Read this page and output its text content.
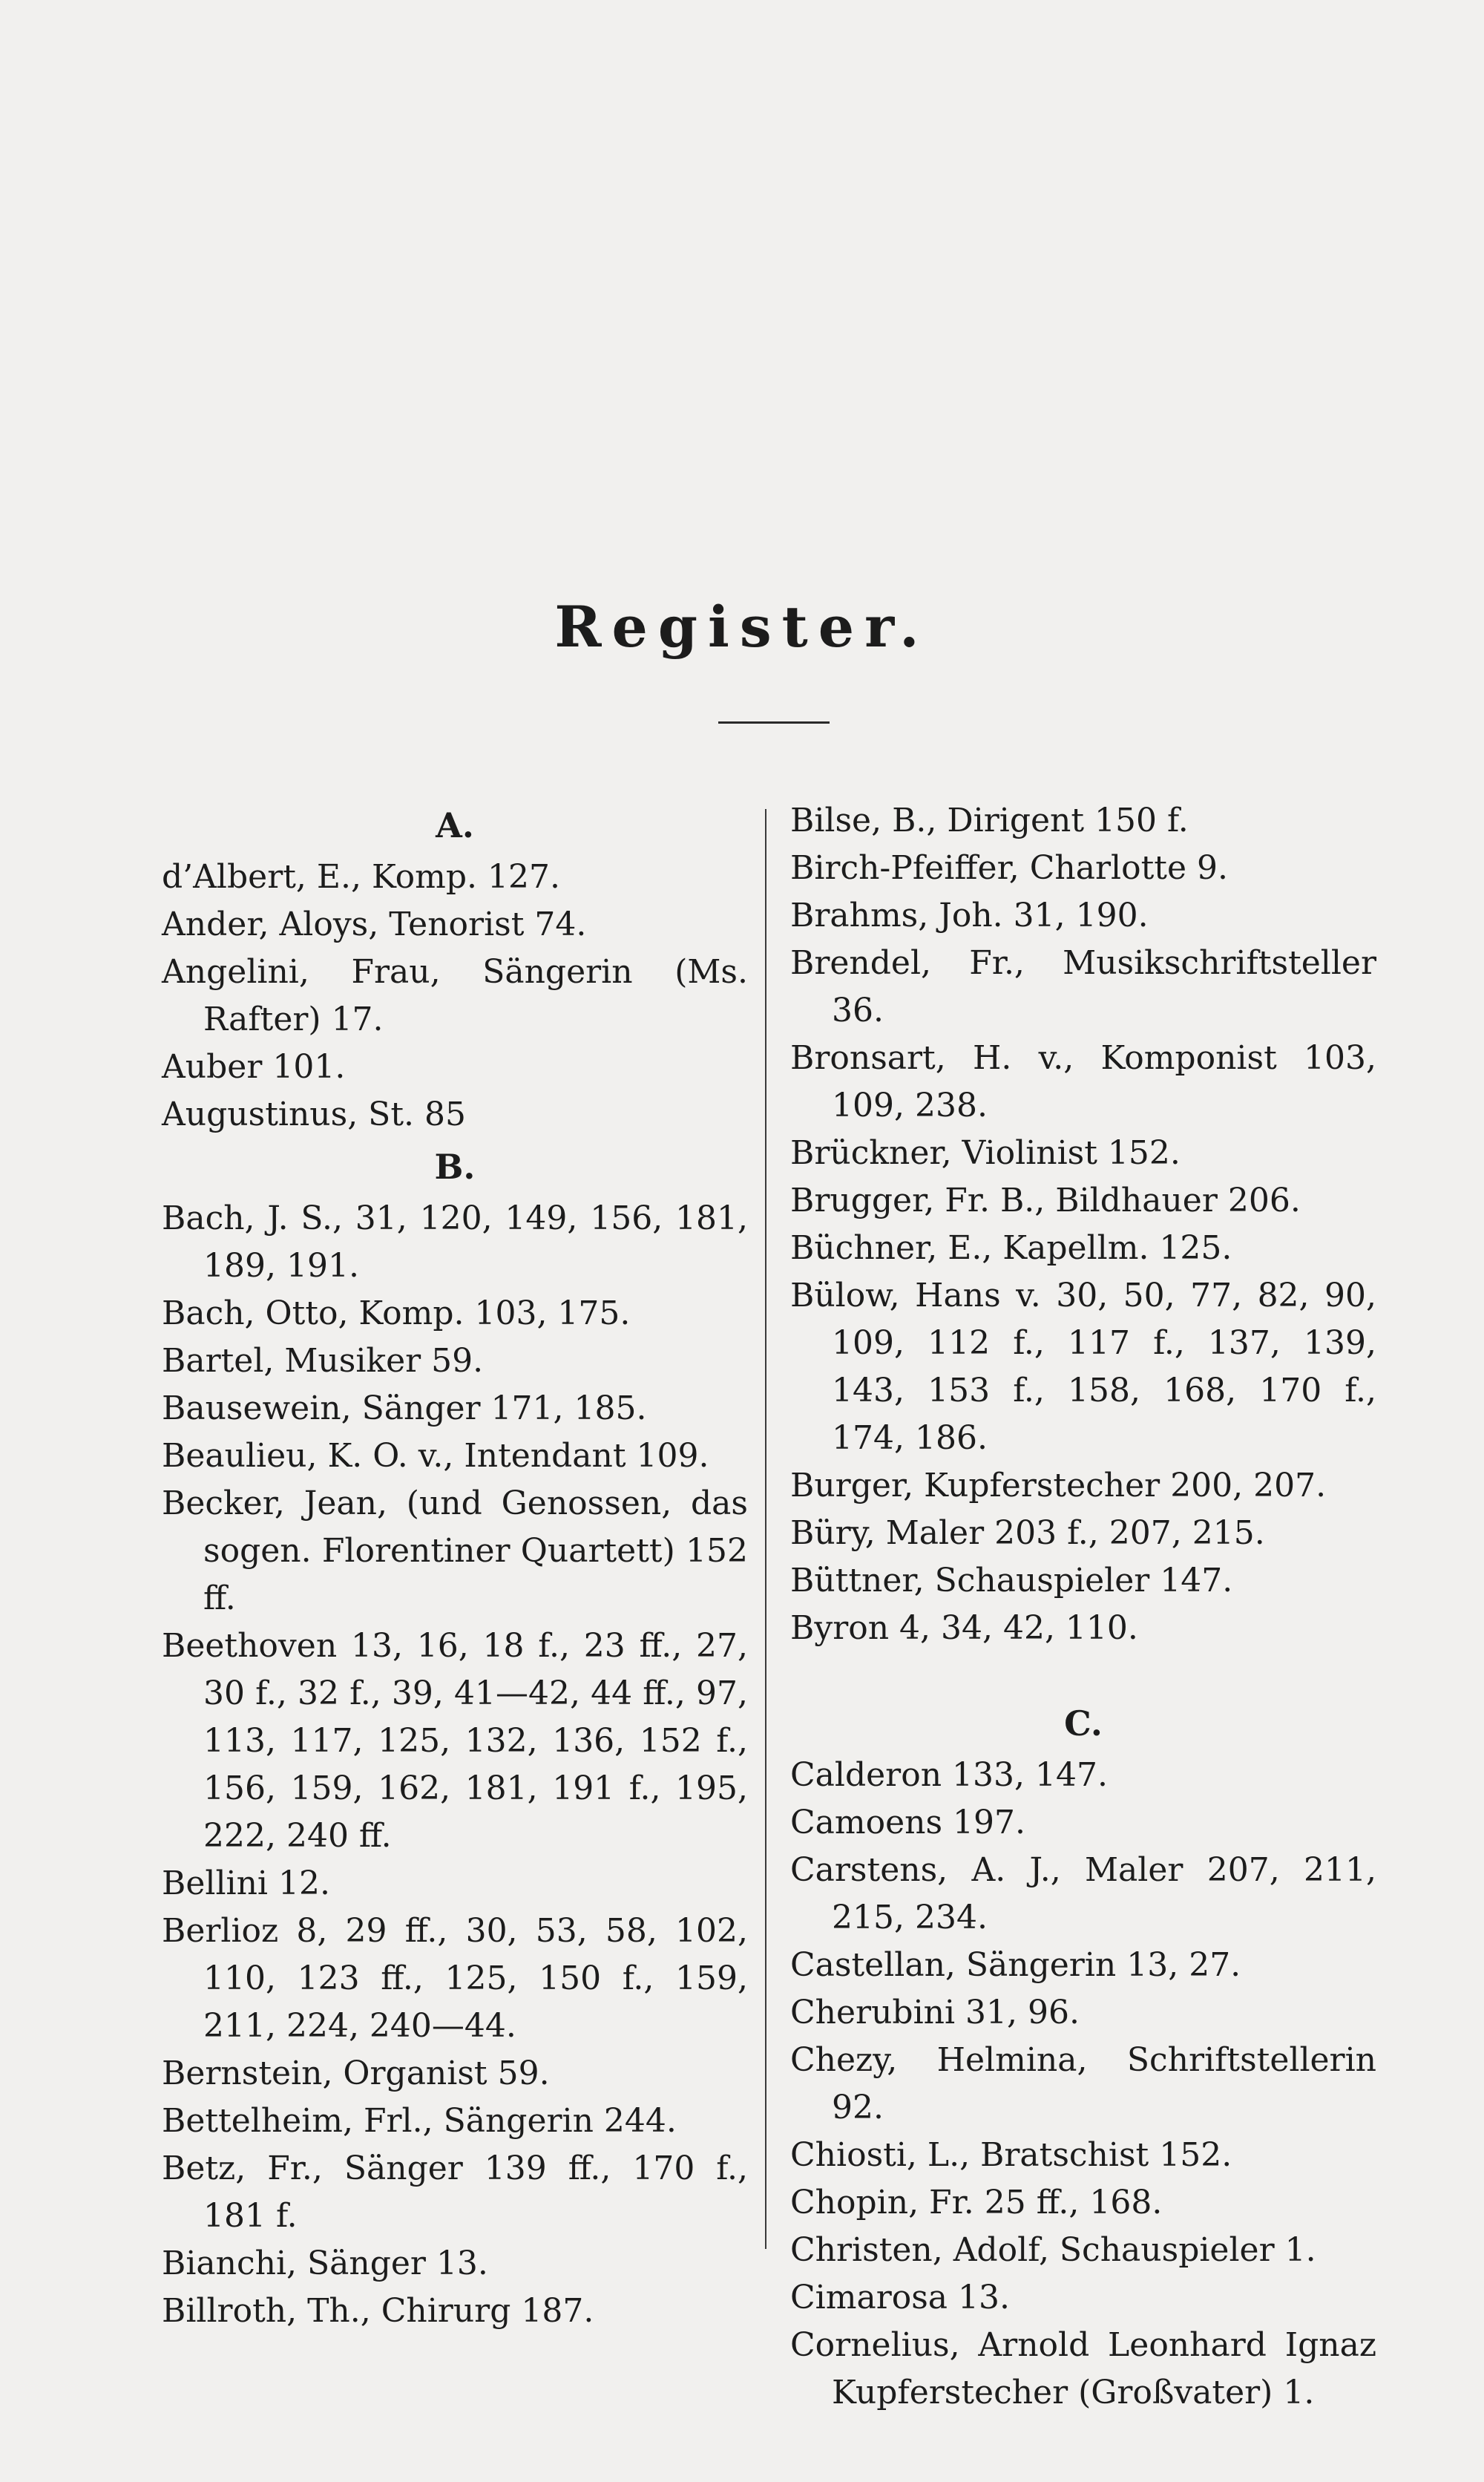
Register.
A.
d’Albert, E., Komp. 127.
Ander, Aloys, Tenorist 74.
Angelini, Frau, Sängerin (Ms. Rafter) 17.
Auber 101.
Augustinus, St. 85
B.
Bach, J. S., 31, 120, 149, 156, 181, 189, 191.
Bach, Otto, Komp. 103, 175.
Bartel, Musiker 59.
Bausewein, Sänger 171, 185.
Beaulieu, K. O. v., Intendant 109.
Becker, Jean, (und Genossen, das sogen. Florentiner Quartett) 152 ff.
Beethoven 13, 16, 18 f., 23 ff., 27, 30 f., 32 f., 39, 41—42, 44 ff., 97, 113, 117, 125, 132, 136, 152 f., 156, 159, 162, 181, 191 f., 195, 222, 240 ff.
Bellini 12.
Berlioz 8, 29 ff., 30, 53, 58, 102, 110, 123 ff., 125, 150 f., 159, 211, 224, 240—44.
Bernstein, Organist 59.
Bettelheim, Frl., Sängerin 244.
Betz, Fr., Sänger 139 ff., 170 f., 181 f.
Bianchi, Sänger 13.
Billroth, Th., Chirurg 187.
Bilse, B., Dirigent 150 f.
Birch-Pfeiffer, Charlotte 9.
Brahms, Joh. 31, 190.
Brendel, Fr., Musikschriftsteller 36.
Bronsart, H. v., Komponist 103, 109, 238.
Brückner, Violinist 152.
Brugger, Fr. B., Bildhauer 206.
Büchner, E., Kapellm. 125.
Bülow, Hans v. 30, 50, 77, 82, 90, 109, 112 f., 117 f., 137, 139, 143, 153 f., 158, 168, 170 f., 174, 186.
Burger, Kupferstecher 200, 207.
Büry, Maler 203 f., 207, 215.
Büttner, Schauspieler 147.
Byron 4, 34, 42, 110.
C.
Calderon 133, 147.
Camoens 197.
Carstens, A. J., Maler 207, 211, 215, 234.
Castellan, Sängerin 13, 27.
Cherubini 31, 96.
Chezy, Helmina, Schriftstellerin 92.
Chiosti, L., Bratschist 152.
Chopin, Fr. 25 ff., 168.
Christen, Adolf, Schauspieler 1.
Cimarosa 13.
Cornelius, Arnold Leonhard Ignaz Kupferstecher (Großvater) 1.
